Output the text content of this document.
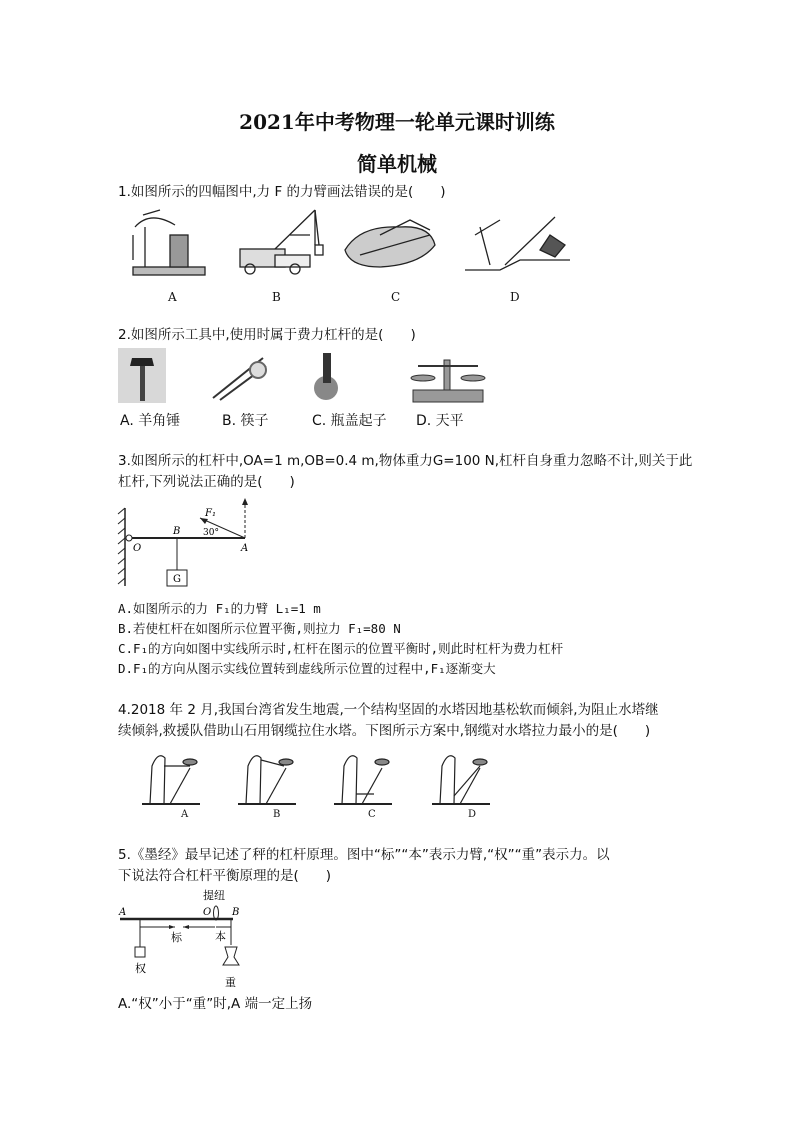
2021年中考物理一轮单元课时训练
简单机械
1.如图所示的四幅图中,力 F 的力臂画法错误的是(　　)
A	B	C	D
2.如图所示工具中,使用时属于费力杠杆的是(　　)
A. 羊角锤	B. 筷子	C. 瓶盖起子 D. 天平
3.如图所示的杠杆中,OA=1 m,OB=0.4 m,物体重力G=100 N,杠杆自身重力忽略不计,则关于此
杠杆,下列说法正确的是(　　)
G
O
B
A
F₁
30°
A.如图所示的力 F₁的力臂 L₁=1 m
B.若使杠杆在如图所示位置平衡,则拉力 F₁=80 N
C.F₁的方向如图中实线所示时,杠杆在图示的位置平衡时,则此时杠杆为费力杠杆
D.F₁的方向从图示实线位置转到虚线所示位置的过程中,F₁逐渐变大
4.2018 年 2 月,我国台湾省发生地震,一个结构坚固的水塔因地基松软而倾斜,为阻止水塔继
续倾斜,救援队借助山石用钢缆拉住水塔。下图所示方案中,钢缆对水塔拉力最小的是(　　)
A	B	C	D
5.《墨经》最早记述了秤的杠杆原理。图中“标”“本”表示力臂,“权”“重”表示力。以
下说法符合杠杆平衡原理的是(　　)
提纽
A	O B
标	本
权
重
A.“权”小于“重”时,A 端一定上扬
